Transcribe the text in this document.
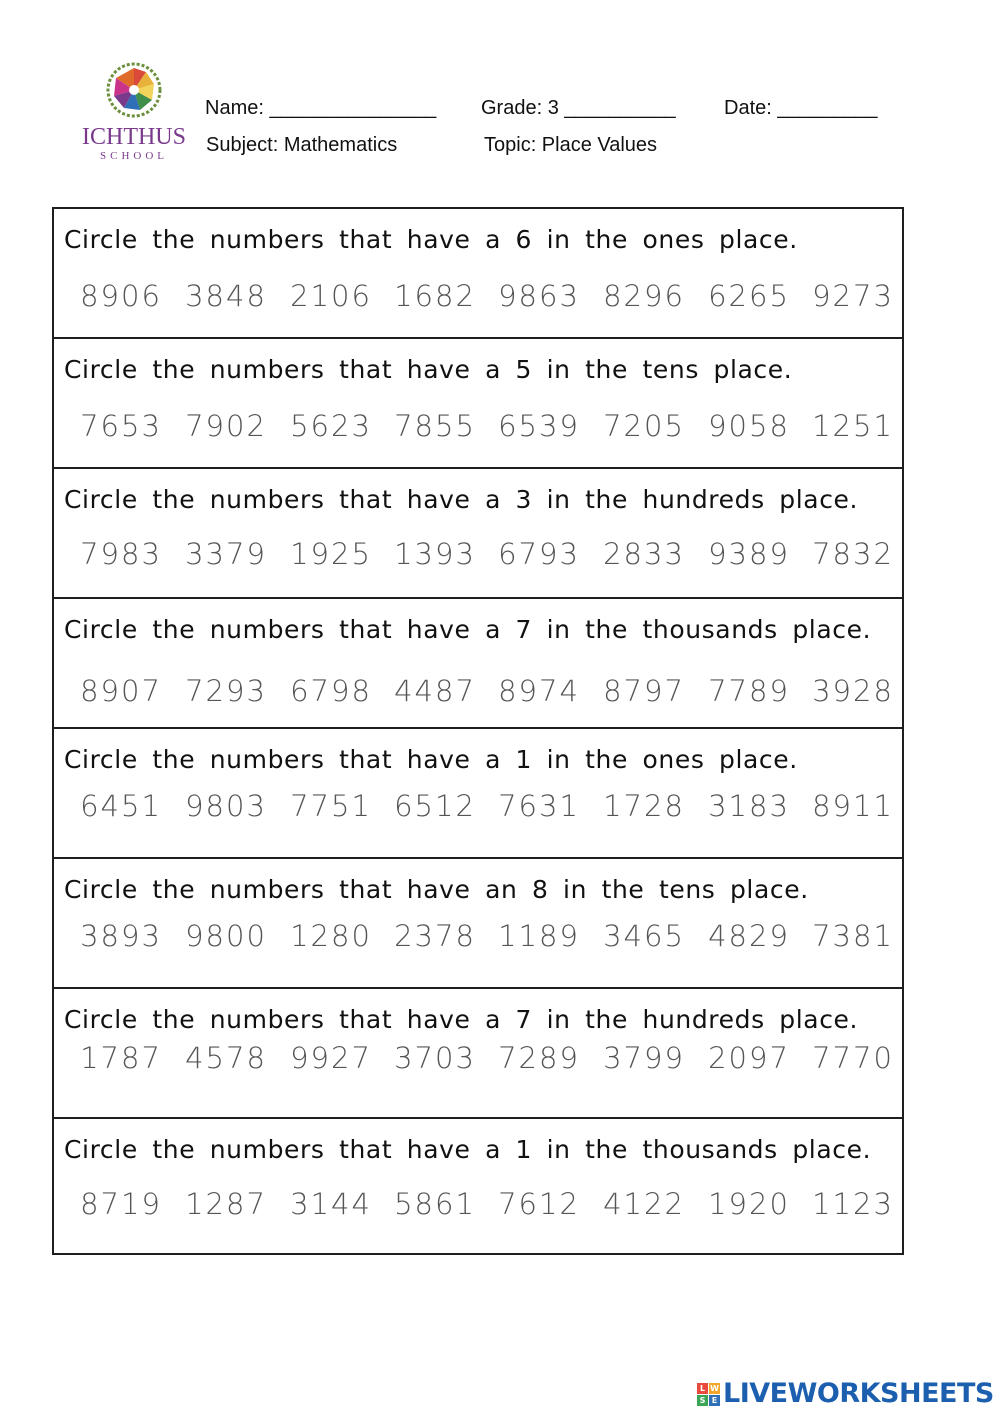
ICHTHUS
SCHOOL
Name: _______________ Grade: 3 __________ Date: _________
Subject: Mathematics	Topic: Place Values
Circle the numbers that have a 6 in the ones place.
8906 3848 2106 1682 9863 8296 6265 9273
Circle the numbers that have a 5 in the tens place.
7653 7902 5623 7855 6539 7205 9058 1251
Circle the numbers that have a 3 in the hundreds place.
7983 3379 1925 1393 6793 2833 9389 7832
Circle the numbers that have a 7 in the thousands place.
8907 7293 6798 4487 8974 8797 7789 3928
Circle the numbers that have a 1 in the ones place.
6451 9803 7751 6512 7631 1728 3183 8911
Circle the numbers that have an 8 in the tens place.
3893 9800 1280 2378 1189 3465 4829 7381
Circle the numbers that have a 7 in the hundreds place.
1787 4578 9927 3703 7289 3799 2097 7770
Circle the numbers that have a 1 in the thousands place.
8719 1287 3144 5861 7612 4122 1920 1123
L W
S E LIVEWORKSHEETS
